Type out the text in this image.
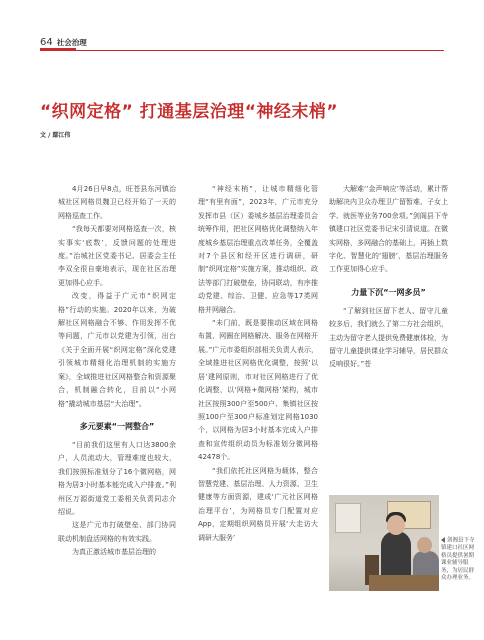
64 社会治理
“织网定格” 打通基层治理“神经末梢”
文 / 鄢江伟

4月26日早8点，旺苍县东河镇治城社区网格员魏卫已经开始了一天的网格巡查工作。

“我每天都要对网格巡查一次，核实事实‘底数’，反馈问题的处理进度。”治城社区党委书记、居委会主任李双全很自豪地表示，现在社区治理更加得心应手。

改变，得益于广元市“织网定格”行动的实施。2020年以来，为破解社区网格融合不够、作用发挥不优等问题，广元市以党建为引领，出台《关于全面开展“织网定格”深化党建引领城市精细化治理机制的实施方案》，全域推进社区网格整合和资源聚合，机制融合转化，目前以“小网格”撬动城市基层“大治理”。

多元要素“一网整合”

“目前我们这里有人口达3800余户，人员流动大，管理难度也较大，我们按照标准划分了16个微网格，网格为居3小时基本能完成入户排查。”利州区万源街道党工委相关负责同志介绍说。

这是广元市打破壁垒、部门协同联动机制盘活网格的有效实践。

为真正激活城市基层治理的

“神经末梢”，让城市精细化管理“有里有面”，2023年，广元市充分发挥市县（区）委城乡基层治理委员会统筹作用，把社区网格优化调整纳入年度城乡基层治理重点改革任务，全覆盖对7个县区和经开区进行调研，研制“织网定格”实施方案，推动组织、政法等部门打破壁垒，协同联动，有序推动党建、综治、卫健、应急等17类网格并网融合。

“未门前，既是要推动区域在网格布置、网圈在网格解决、服务在网格开展。”广元市委组织部相关负责人表示，全域推进社区网格优化调整，按照‘以居’建网原则，市对社区网格进行了优化调整，以‘网格+微网格’架构，城市社区按照300户至500户、集镇社区按照100户至300户标准划定网格1030个，以网格为居3小时基本完成入户排查和宣传组织动员为标准划分微网格42478个。

“我们依托社区网格为载体，整合智慧党建、基层治理、人力资源、卫生健康等方面资源，建成‘广元社区网格治理平台’，为网格员专门配置对应App，定期组织网格员开展‘大走访大调研大服务’

大解难‘’金声响应’等活动，累计帮助解决内卫众办理卫广留暂难、子女上学、就医等业务700余项。”剑阁县下寺镇建口社区党委书记宋引清说道。在微实网格，多网融合的基础上，再插上数字化、智慧化的‘翅膀’，基层治理服务工作更加得心应手。

力量下沉“一网多员”

“了解到社区留下老人、留守儿童较多后，我们就么了第二方社会组织，主动为留守老人提供免费健康体检，为留守儿童提供课业学习辅导，居民群众反响很好。”苍

剑阁县下寺镇建口社区网格员提供暑期课业辅导服务，为居民群众办理业务。
